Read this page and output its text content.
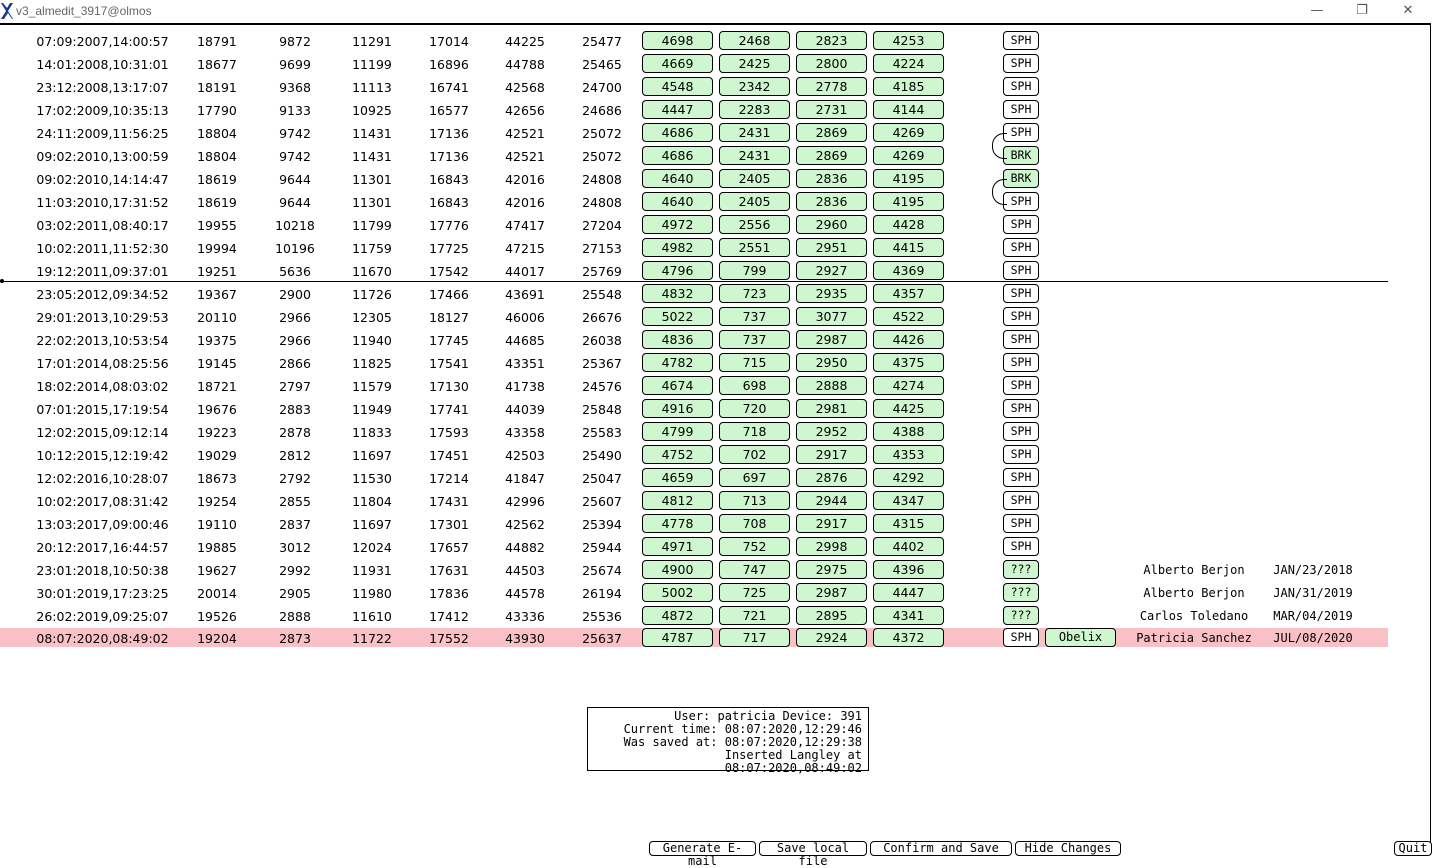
v3_almedit_3917@olmos	—	❐	✕
07:09:2007,14:00:57	18791	9872	11291	17014	44225	25477	4698	2468	2823	4253	SPH
14:01:2008,10:31:01	18677	9699	11199	16896	44788	25465	4669	2425	2800	4224	SPH
23:12:2008,13:17:07	18191	9368	11113	16741	42568	24700	4548	2342	2778	4185	SPH
17:02:2009,10:35:13	17790	9133	10925	16577	42656	24686	4447	2283	2731	4144	SPH
24:11:2009,11:56:25	18804	9742	11431	17136	42521	25072	4686	2431	2869	4269	SPH
09:02:2010,13:00:59	18804	9742	11431	17136	42521	25072	4686	2431	2869	4269	BRK
09:02:2010,14:14:47	18619	9644	11301	16843	42016	24808	4640	2405	2836	4195	BRK
11:03:2010,17:31:52	18619	9644	11301	16843	42016	24808	4640	2405	2836	4195	SPH
03:02:2011,08:40:17	19955	10218	11799	17776	47417	27204	4972	2556	2960	4428	SPH
10:02:2011,11:52:30	19994	10196	11759	17725	47215	27153	4982	2551	2951	4415	SPH
19:12:2011,09:37:01	19251	5636	11670	17542	44017	25769	4796	799	2927	4369	SPH
23:05:2012,09:34:52	19367	2900	11726	17466	43691	25548	4832	723	2935	4357	SPH
29:01:2013,10:29:53	20110	2966	12305	18127	46006	26676	5022	737	3077	4522	SPH
22:02:2013,10:53:54	19375	2966	11940	17745	44685	26038	4836	737	2987	4426	SPH
17:01:2014,08:25:56	19145	2866	11825	17541	43351	25367	4782	715	2950	4375	SPH
18:02:2014,08:03:02	18721	2797	11579	17130	41738	24576	4674	698	2888	4274	SPH
07:01:2015,17:19:54	19676	2883	11949	17741	44039	25848	4916	720	2981	4425	SPH
12:02:2015,09:12:14	19223	2878	11833	17593	43358	25583	4799	718	2952	4388	SPH
10:12:2015,12:19:42	19029	2812	11697	17451	42503	25490	4752	702	2917	4353	SPH
12:02:2016,10:28:07	18673	2792	11530	17214	41847	25047	4659	697	2876	4292	SPH
10:02:2017,08:31:42	19254	2855	11804	17431	42996	25607	4812	713	2944	4347	SPH
13:03:2017,09:00:46	19110	2837	11697	17301	42562	25394	4778	708	2917	4315	SPH
20:12:2017,16:44:57	19885	3012	12024	17657	44882	25944	4971	752	2998	4402	SPH
23:01:2018,10:50:38	19627	2992	11931	17631	44503	25674	4900	747	2975	4396	???	Alberto Berjon	JAN/23/2018
30:01:2019,17:23:25	20014	2905	11980	17836	44578	26194	5002	725	2987	4447	???	Alberto Berjon	JAN/31/2019
26:02:2019,09:25:07	19526	2888	11610	17412	43336	25536	4872	721	2895	4341	???	Carlos Toledano	MAR/04/2019
08:07:2020,08:49:02	19204	2873	11722	17552	43930	25637	4787	717	2924	4372	SPH	Obelix	Patricia Sanchez	JUL/08/2020
User: patricia Device: 391
Current time: 08:07:2020,12:29:46
Was saved at: 08:07:2020,12:29:38
Inserted Langley at 08:07:2020,08:49:02
Generate E-mail
Save local file
Confirm and Save	Hide Changes	Quit
